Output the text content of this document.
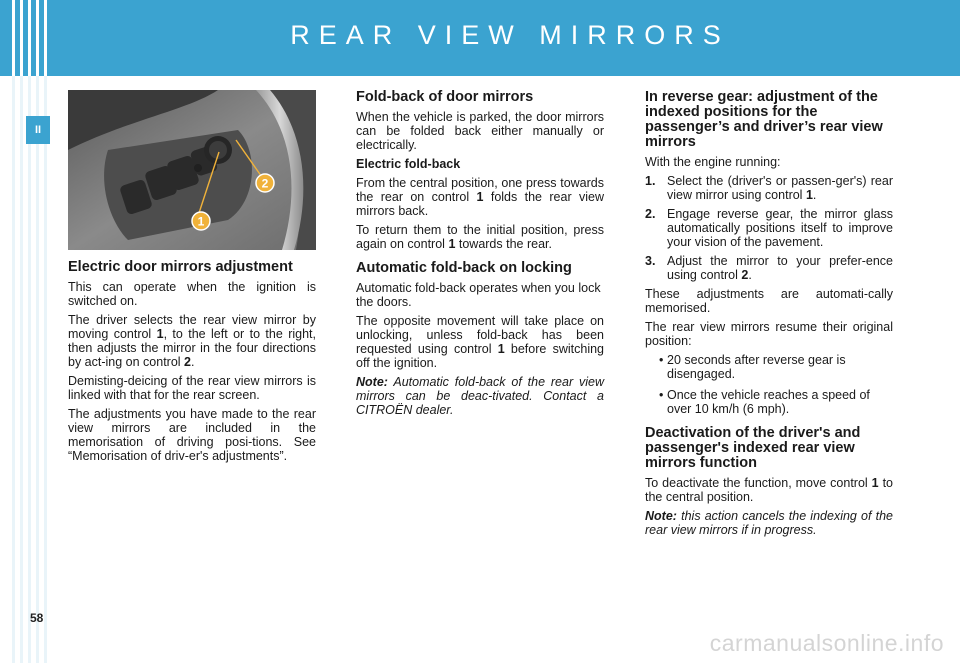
REAR VIEW MIRRORS
II
58
1
2
Electric door mirrors adjustment

This can operate when the ignition is switched on.

The driver selects the rear view mirror by moving control 1, to the left or to the right, then adjusts the mirror in the four directions by act-ing on control 2.

Demisting-deicing of the rear view mirrors is linked with that for the rear screen.

The adjustments you have made to the rear view mirrors are included in the memorisation of driving posi-tions. See “Memorisation of driv-er's adjustments”.

Fold-back of door mirrors

When the vehicle is parked, the door mirrors can be folded back either manually or electrically.

Electric fold-back

From the central position, one press towards the rear on control 1 folds the rear view mirrors back.

To return them to the initial position, press again on control 1 towards the rear.

Automatic fold-back on locking

Automatic fold-back operates when you lock the doors.

The opposite movement will take place on unlocking, unless fold-back has been requested using control 1 before switching off the ignition.

Note: Automatic fold-back of the rear view mirrors can be deac-tivated. Contact a CITROËN dealer.

In reverse gear: adjustment of the indexed positions for the passenger’s and driver’s rear view mirrors

With the engine running:

1. Select the (driver's or passen-ger's) rear view mirror using control 1.
2. Engage reverse gear, the mirror glass automatically positions itself to improve your vision of the pavement.
3. Adjust the mirror to your prefer-ence using control 2.

These adjustments are automati-cally memorised.

The rear view mirrors resume their original position:

• 20 seconds after reverse gear is disengaged.
• Once the vehicle reaches a speed of over 10 km/h (6 mph).
Deactivation of the driver's and passenger's indexed rear view mirrors function

To deactivate the function, move control 1 to the central position.

Note: this action cancels the indexing of the rear view mirrors if in progress.

carmanualsonline.info
